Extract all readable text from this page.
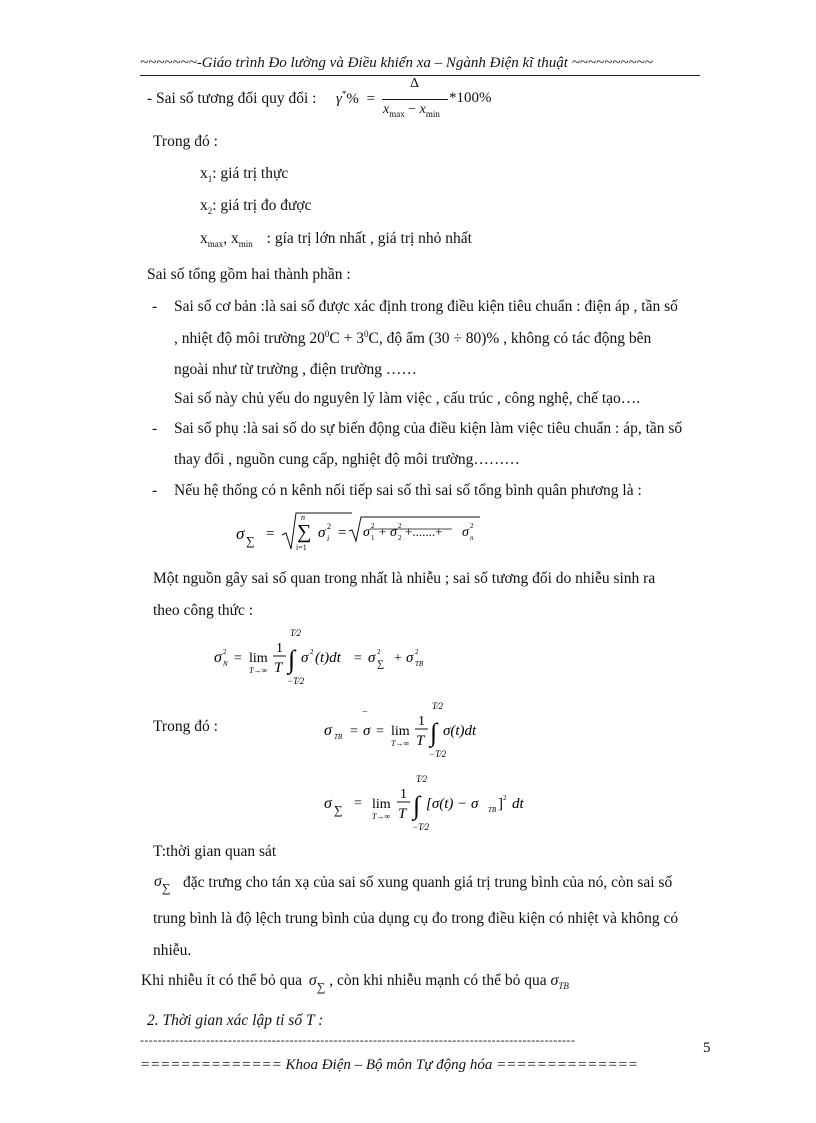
~~~~~~~-Giáo trình Đo lường và Điều khiển xa – Ngành Điện kĩ thuật ~~~~~~~~~~
- Sai số tương đối quy đổi : γ*% =
Δ
$x_{max} - x_{min}$
*100%
Trong đó :
$x_1$: giá trị thực
$x_2$: giá trị đo được
$x_{max}$, $x_{min}$ : gía trị lớn nhất , giá trị nhỏ nhất
Sai số tổng gồm hai thành phần :
- Sai số cơ bản :là sai số được xác định trong điều kiện tiêu chuẩn : điện áp , tần số
, nhiệt độ môi trường $20^0C + 3^0C$, độ ẩm (30 ÷ 80)% , không có tác động bên
ngoài như từ trường , điện trường ……
Sai số này chủ yếu do nguyên lý làm việc , cấu trúc , công nghệ, chế tạo….
- Sai số phụ :là sai số do sự biến động của điều kiện làm việc tiêu chuẩn : áp, tần số
thay đổi , nguồn cung cấp, nghiệt độ môi trường………
- Nếu hệ thống có n kênh nối tiếp sai số thì sai số tổng bình quân phương là :
σ ∑ =
n
∑
i=1
σ i
2 = σ 1
2 + σ 2
2 +.......+ σ n
2
Một nguồn gây sai số quan trong nhất là nhiễu ; sai số tương đối do nhiễu sinh ra
theo công thức :
σ N
2 = lim
T→∞
1
T
T⁄2
∫
−T⁄2
σ 2 (t)dt = σ ∑
2 + σ TB
2
Trong đó :	σ TB =
‾
σ = lim
T→∞
1
T
T⁄2
∫
−T⁄2
σ(t)dt
σ ∑ = lim
T→∞
1
T
T⁄2
∫
−T⁄2
[σ(t) − σ TB ] 2 dt
T:thời gian quan sát
$\sigma_\sum$ đặc trưng cho tán xạ của sai số xung quanh giá trị trung bình của nó, còn sai số
trung bình là độ lệch trung bình của dụng cụ đo trong điều kiện có nhiệt và không có
nhiễu.
Khi nhiễu ít có thể bỏ qua $\sigma_\sum$ , còn khi nhiễu mạnh có thể bỏ qua $\sigma_{TB}$
2. Thời gian xác lập tỉ số T :
---------------------------------------------------------------------------------------------------	5
============== Khoa Điện – Bộ môn Tự động hóa ==============
